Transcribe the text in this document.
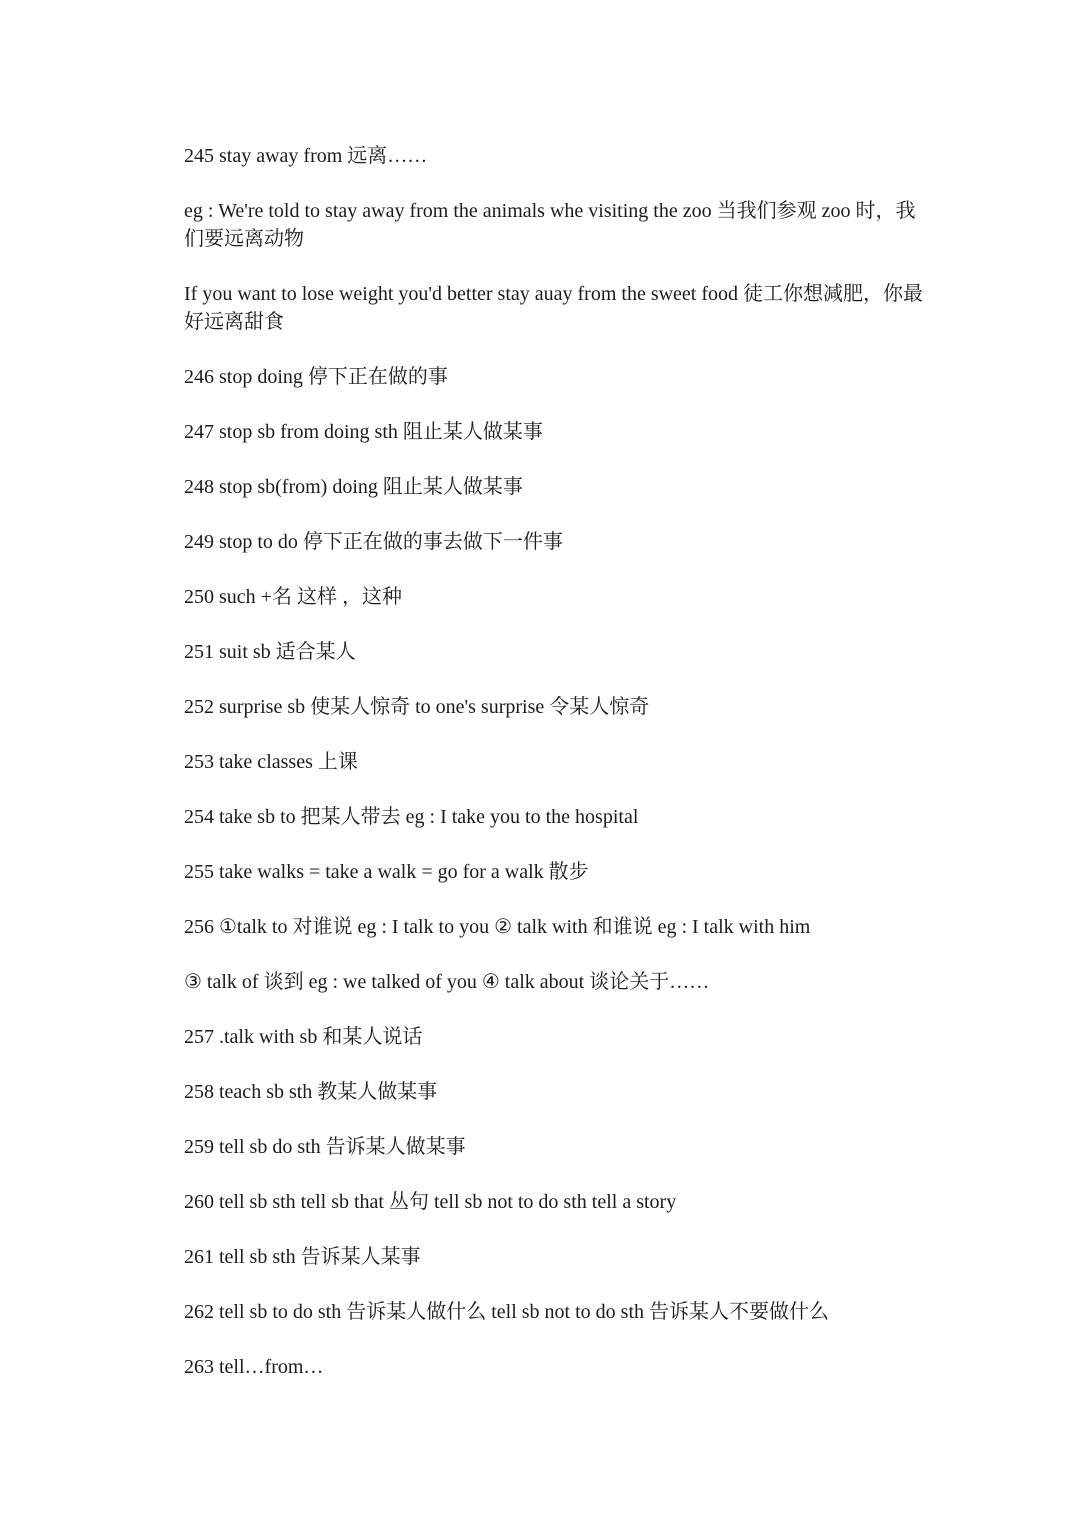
245 stay away from 远离……

eg : We're told to stay away from the animals whe visiting the zoo 当我们参观 zoo 时，我们要远离动物

If you want to lose weight you'd better stay auay from the sweet food 徒工你想减肥，你最好远离甜食

246 stop doing 停下正在做的事

247 stop sb from doing sth 阻止某人做某事

248 stop sb(from) doing 阻止某人做某事

249 stop to do 停下正在做的事去做下一件事

250 such +名 这样 ，这种

251 suit sb 适合某人

252 surprise sb 使某人惊奇 to one's surprise 令某人惊奇

253 take classes 上课

254 take sb to 把某人带去 eg : I take you to the hospital

255 take walks = take a walk = go for a walk 散步

256 ①talk to 对谁说 eg : I talk to you ② talk with 和谁说 eg : I talk with him

③ talk of 谈到 eg : we talked of you ④ talk about 谈论关于……

257 .talk with sb 和某人说话

258 teach sb sth 教某人做某事

259 tell sb do sth 告诉某人做某事

260 tell sb sth tell sb that 丛句 tell sb not to do sth tell a story

261 tell sb sth 告诉某人某事

262 tell sb to do sth 告诉某人做什么 tell sb not to do sth 告诉某人不要做什么

263 tell…from…
